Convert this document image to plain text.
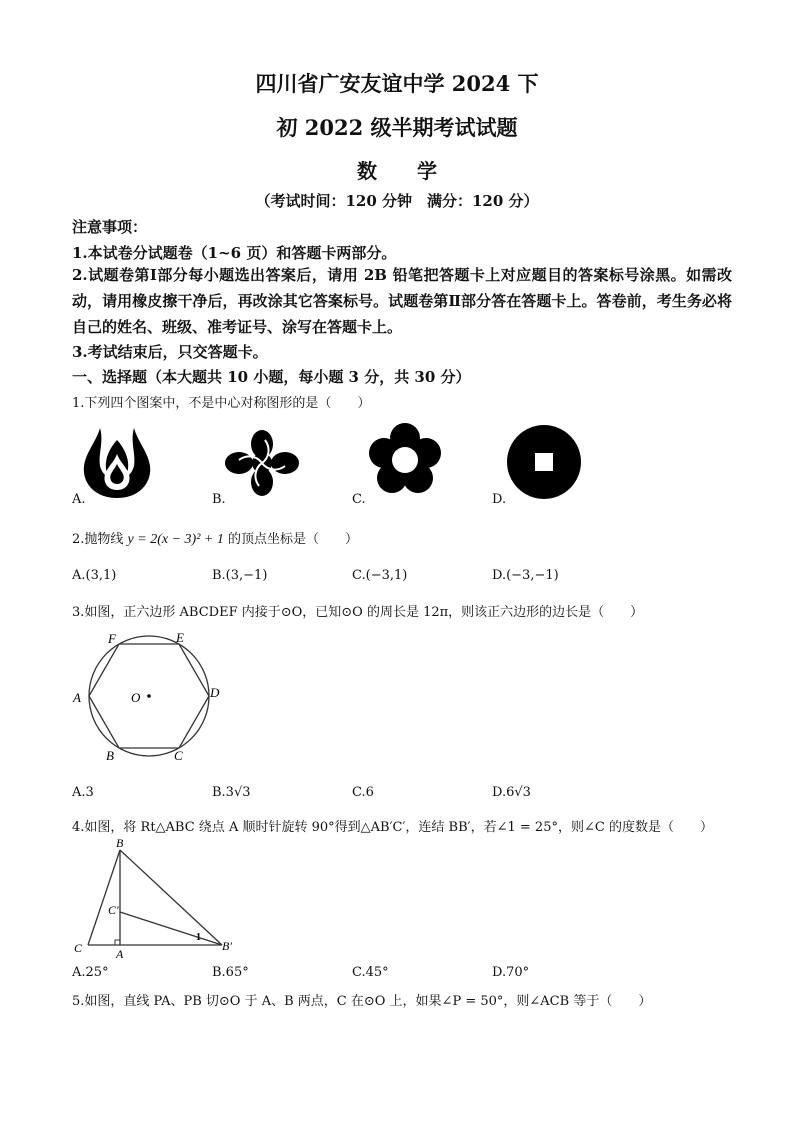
四川省广安友谊中学 2024 下
初 2022 级半期考试试题
数　　学
（考试时间：120 分钟　满分：120 分）
注意事项：
1.本试卷分试题卷（1~6 页）和答题卡两部分。
2.试题卷第Ⅰ部分每小题选出答案后，请用 2B 铅笔把答题卡上对应题目的答案标号涂黑。如需改动，请用橡皮擦干净后，再改涂其它答案标号。试题卷第Ⅱ部分答在答题卡上。答卷前，考生务必将自己的姓名、班级、准考证号、涂写在答题卡上。
3.考试结束后，只交答题卡。
一、选择题（本大题共 10 小题，每小题 3 分，共 30 分）
1.下列四个图案中，不是中心对称图形的是（　　）
A.	B.	C.	D.
2.抛物线 y = 2(x − 3)² + 1 的顶点坐标是（　　）
A.(3,1)	B.(3,−1)	C.(−3,1)	D.(−3,−1)
3.如图，正六边形 ABCDEF 内接于⊙O，已知⊙O 的周长是 12π，则该正六边形的边长是（　　）
A
B	C
D
E
F
O
A.3	B.3√3	C.6	D.6√3
4.如图，将 Rt△ABC 绕点 A 顺时针旋转 90°得到△AB′C′，连结 BB′，若∠1 = 25°，则∠C 的度数是（　　）
B
C′
C	A
B′
1
A.25°	B.65°	C.45°	D.70°
5.如图，直线 PA、PB 切⊙O 于 A、B 两点，C 在⊙O 上，如果∠P = 50°，则∠ACB 等于（　　）
